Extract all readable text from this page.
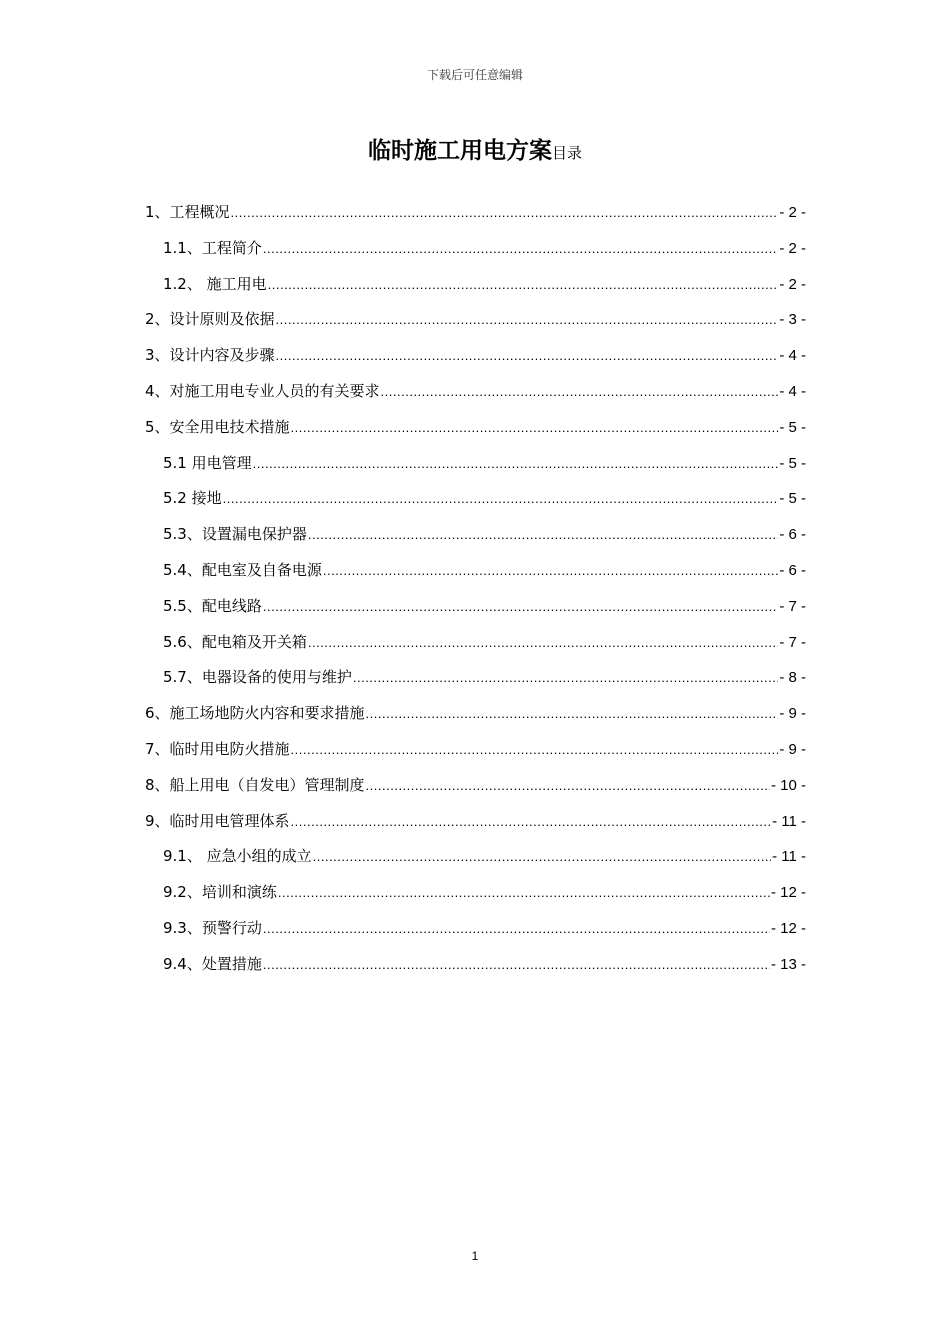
下载后可任意编辑
临时施工用电方案目录
1、工程概况 .....	- 2 -
1.1、工程简介 .....	- 2 -
1.2、 施工用电 .....	- 2 -
2、设计原则及依据 .....	- 3 -
3、设计内容及步骤 .....	- 4 -
4、对施工用电专业人员的有关要求 .....	- 4 -
5、安全用电技术措施 .....	- 5 -
5.1 用电管理 .....	- 5 -
5.2 接地 .....	- 5 -
5.3、设置漏电保护器 .....	- 6 -
5.4、配电室及自备电源 .....	- 6 -
5.5、配电线路 .....	- 7 -
5.6、配电箱及开关箱 .....	- 7 -
5.7、电器设备的使用与维护 .....	- 8 -
6、施工场地防火内容和要求措施 .....	- 9 -
7、临时用电防火措施 .....	- 9 -
8、船上用电（自发电）管理制度 .....	- 10 -
9、临时用电管理体系 .....	- 11 -
9.1、 应急小组的成立 .....	- 11 -
9.2、培训和演练 .....	- 12 -
9.3、预警行动 .....	- 12 -
9.4、处置措施 .....	- 13 -
1
